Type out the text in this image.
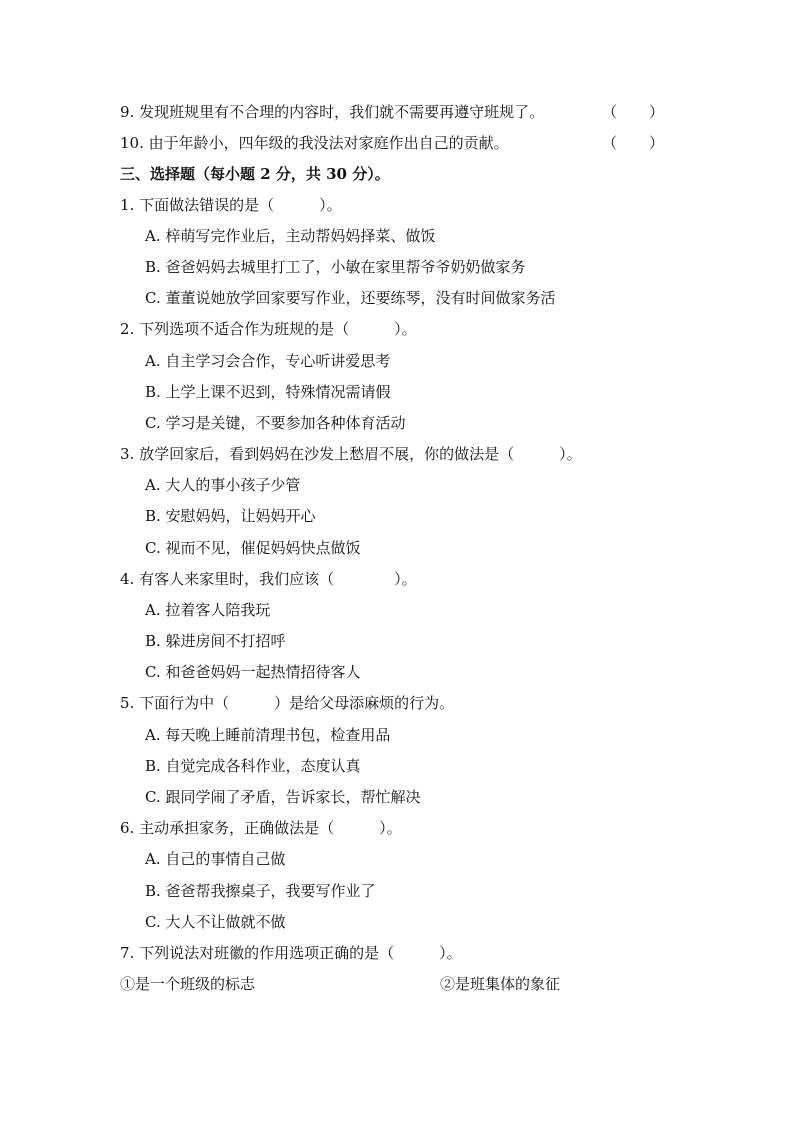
9. 发现班规里有不合理的内容时，我们就不需要再遵守班规了。	（ ）
10. 由于年龄小，四年级的我没法对家庭作出自己的贡献。	（ ）
三、选择题（每小题 2 分，共 30 分）。
1. 下面做法错误的是（　　　）。
A. 梓萌写完作业后，主动帮妈妈择菜、做饭
B. 爸爸妈妈去城里打工了，小敏在家里帮爷爷奶奶做家务
C. 董董说她放学回家要写作业，还要练琴，没有时间做家务活
2. 下列选项不适合作为班规的是（　　　）。
A. 自主学习会合作，专心听讲爱思考
B. 上学上课不迟到，特殊情况需请假
C. 学习是关键，不要参加各种体育活动
3. 放学回家后，看到妈妈在沙发上愁眉不展，你的做法是（　　　）。
A. 大人的事小孩子少管
B. 安慰妈妈，让妈妈开心
C. 视而不见，催促妈妈快点做饭
4. 有客人来家里时，我们应该（　　　　）。
A. 拉着客人陪我玩
B. 躲进房间不打招呼
C. 和爸爸妈妈一起热情招待客人
5. 下面行为中（　　　）是给父母添麻烦的行为。
A. 每天晚上睡前清理书包，检查用品
B. 自觉完成各科作业，态度认真
C. 跟同学闹了矛盾，告诉家长，帮忙解决
6. 主动承担家务，正确做法是（　　　）。
A. 自己的事情自己做
B. 爸爸帮我擦桌子，我要写作业了
C. 大人不让做就不做
7. 下列说法对班徽的作用选项正确的是（　　　）。
①是一个班级的标志	②是班集体的象征
